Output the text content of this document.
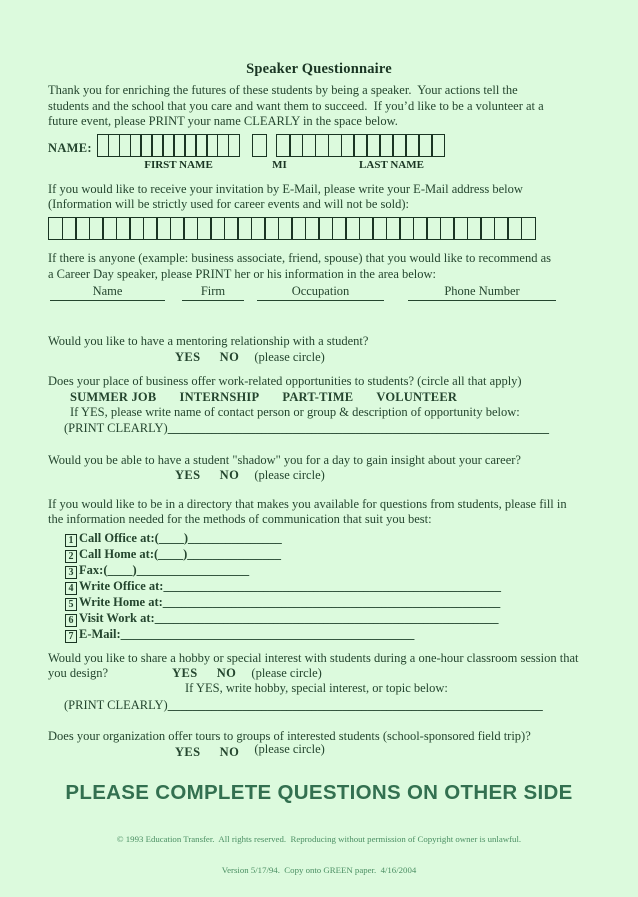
Speaker Questionnaire
Thank you for enriching the futures of these students by being a speaker.  Your actions tell the
students and the school that you care and want them to succeed.  If you’d like to be a volunteer at a
future event, please PRINT your name CLEARLY in the space below.
NAME:
FIRST NAME	MI	LAST NAME
If you would like to receive your invitation by E-Mail, please write your E-Mail address below
(Information will be strictly used for career events and will not be sold):
If there is anyone (example: business associate, friend, spouse) that you would like to recommend as
a Career Day speaker, please PRINT her or his information in the area below:
Name	Firm	Occupation	Phone Number
Would you like to have a mentoring relationship with a student?
YES NO (please circle)
Does your place of business offer work-related opportunities to students? (circle all that apply)
SUMMER JOB INTERNSHIP PART-TIME VOLUNTEER
If YES, please write name of contact person or group & description of opportunity below:
(PRINT CLEARLY)_____________________________________________________________
Would you be able to have a student "shadow" you for a day to gain insight about your career?
YES NO (please circle)
If you would like to be in a directory that makes you available for questions from students, please fill in
the information needed for the methods of communication that suit you best:
1 Call Office at:(____)_______________
2 Call Home at:(____)_______________
3 Fax:(____)__________________
4 Write Office at:______________________________________________________
5 Write Home at:______________________________________________________
6 Visit Work at:_______________________________________________________
7 E-Mail:_______________________________________________
Would you like to share a hobby or special interest with students during a one-hour classroom session that
you design?	YES NO (please circle)
If YES, write hobby, special interest, or topic below:
(PRINT CLEARLY)____________________________________________________________
Does your organization offer tours to groups of interested students (school-sponsored field trip)?
YES NO (please circle)
PLEASE COMPLETE QUESTIONS ON OTHER SIDE

© 1993 Education Transfer.  All rights reserved.  Reproducing without permission of Copyright owner is unlawful.

Version 5/17/94.  Copy onto GREEN paper.  4/16/2004
